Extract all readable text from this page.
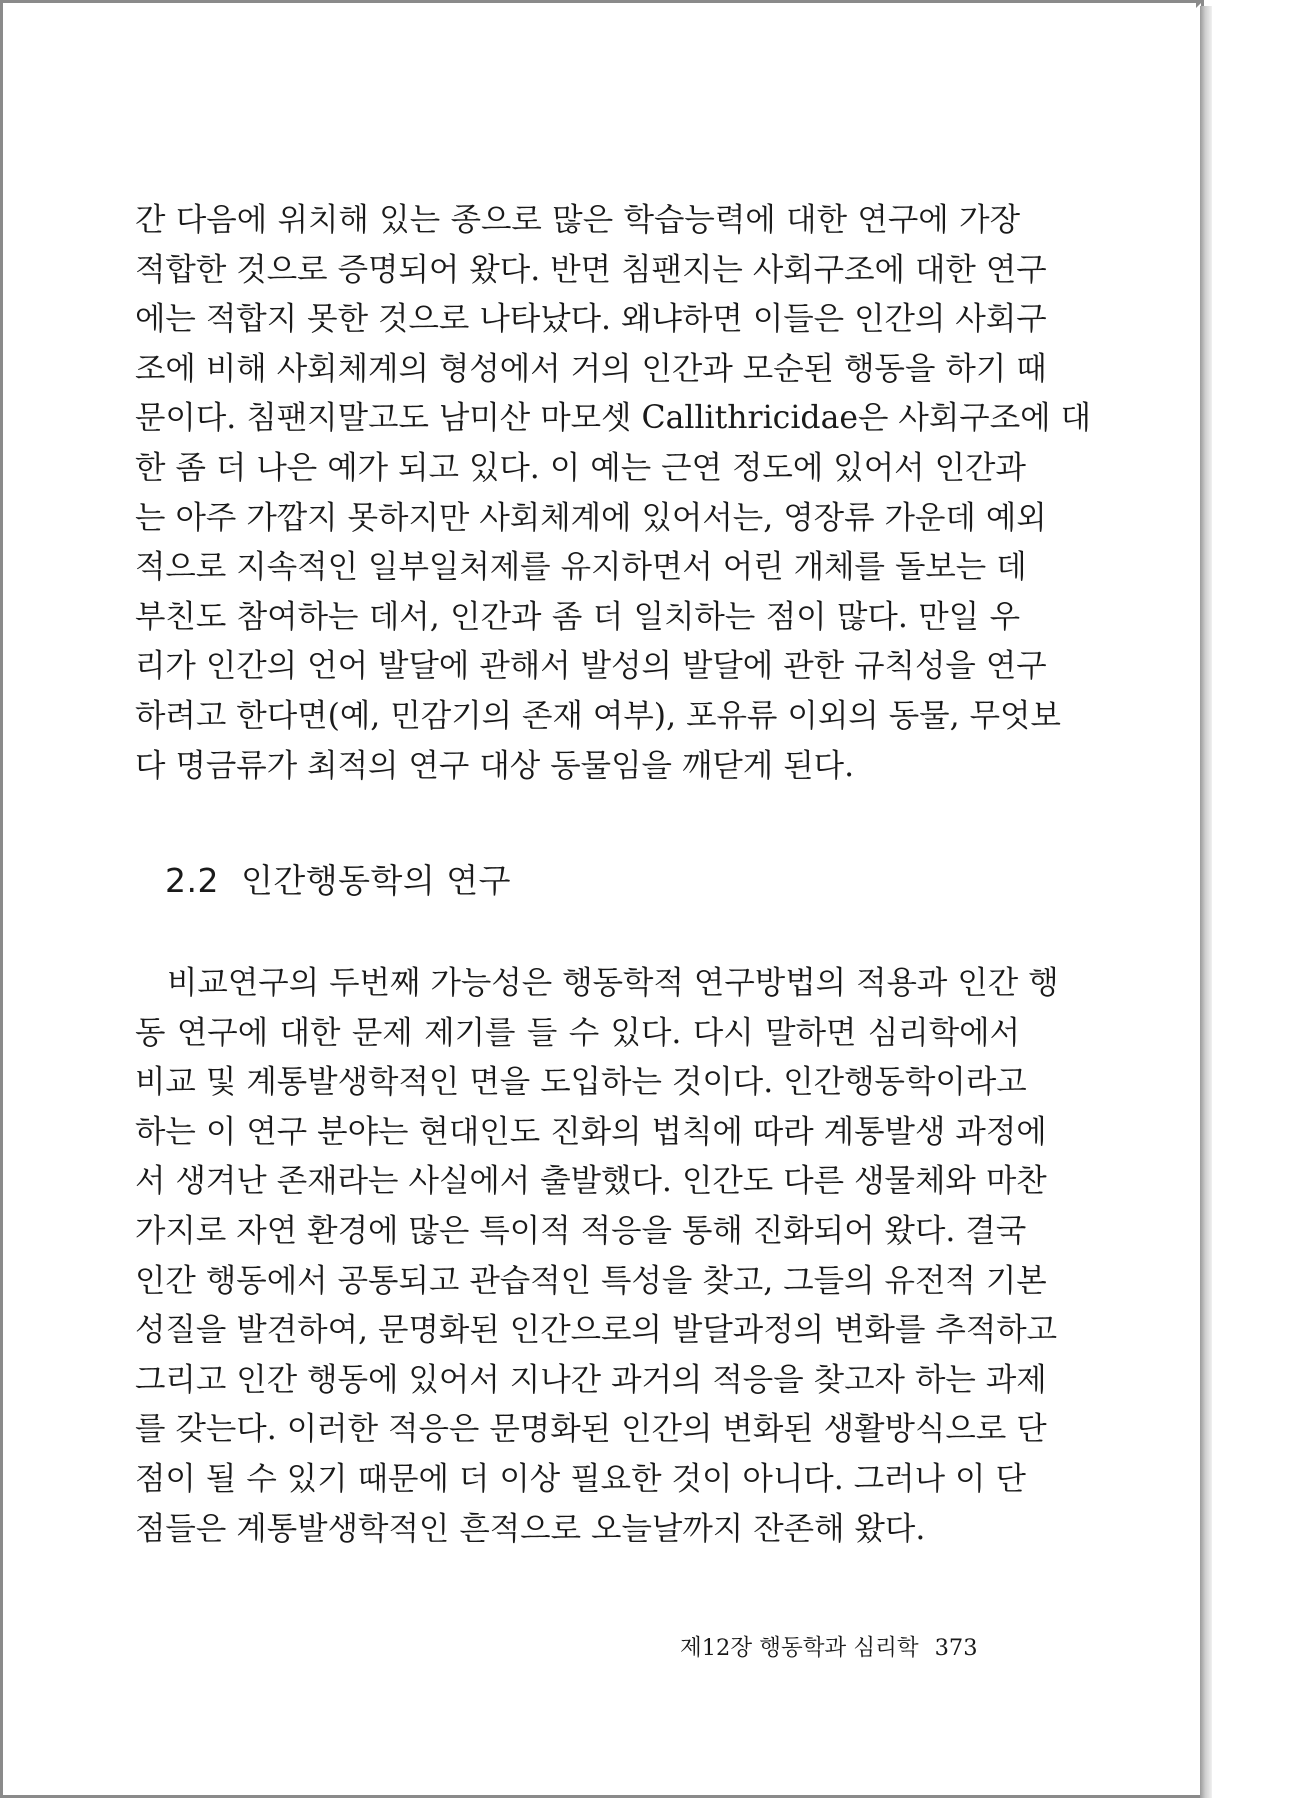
간 다음에 위치해 있는 종으로 많은 학습능력에 대한 연구에 가장
적합한 것으로 증명되어 왔다. 반면 침팬지는 사회구조에 대한 연구
에는 적합지 못한 것으로 나타났다. 왜냐하면 이들은 인간의 사회구
조에 비해 사회체계의 형성에서 거의 인간과 모순된 행동을 하기 때
문이다. 침팬지말고도 남미산 마모셋 Callithricidae은 사회구조에 대
한 좀 더 나은 예가 되고 있다. 이 예는 근연 정도에 있어서 인간과
는 아주 가깝지 못하지만 사회체계에 있어서는, 영장류 가운데 예외
적으로 지속적인 일부일처제를 유지하면서 어린 개체를 돌보는 데
부친도 참여하는 데서, 인간과 좀 더 일치하는 점이 많다. 만일 우
리가 인간의 언어 발달에 관해서 발성의 발달에 관한 규칙성을 연구
하려고 한다면(예, 민감기의 존재 여부), 포유류 이외의 동물, 무엇보
다 명금류가 최적의 연구 대상 동물임을 깨닫게 된다.
2.2 인간행동학의 연구
비교연구의 두번째 가능성은 행동학적 연구방법의 적용과 인간 행
동 연구에 대한 문제 제기를 들 수 있다. 다시 말하면 심리학에서
비교 및 계통발생학적인 면을 도입하는 것이다. 인간행동학이라고
하는 이 연구 분야는 현대인도 진화의 법칙에 따라 계통발생 과정에
서 생겨난 존재라는 사실에서 출발했다. 인간도 다른 생물체와 마찬
가지로 자연 환경에 많은 특이적 적응을 통해 진화되어 왔다. 결국
인간 행동에서 공통되고 관습적인 특성을 찾고, 그들의 유전적 기본
성질을 발견하여, 문명화된 인간으로의 발달과정의 변화를 추적하고
그리고 인간 행동에 있어서 지나간 과거의 적응을 찾고자 하는 과제
를 갖는다. 이러한 적응은 문명화된 인간의 변화된 생활방식으로 단
점이 될 수 있기 때문에 더 이상 필요한 것이 아니다. 그러나 이 단
점들은 계통발생학적인 흔적으로 오늘날까지 잔존해 왔다.
제12장 행동학과 심리학 373
